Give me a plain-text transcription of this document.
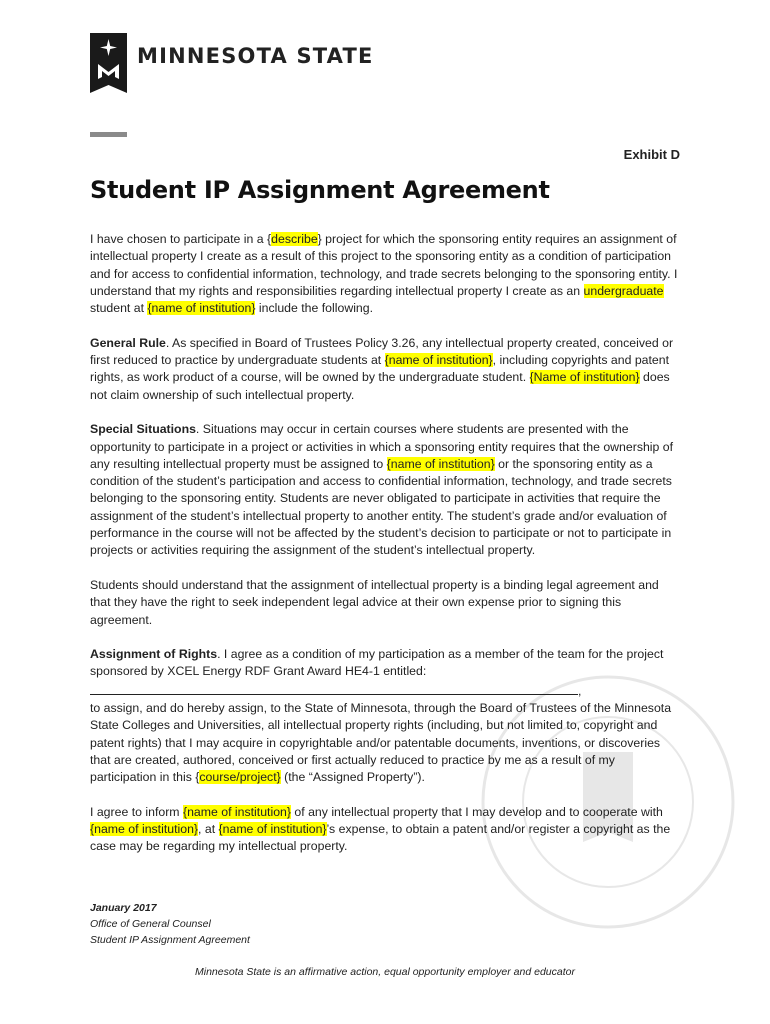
MINNESOTA STATE
Exhibit D
Student IP Assignment Agreement

I have chosen to participate in a {describe} project for which the sponsoring entity requires an assignment of intellectual property I create as a result of this project to the sponsoring entity as a condition of participation and for access to confidential information, technology, and trade secrets belonging to the sponsoring entity. I understand that my rights and responsibilities regarding intellectual property I create as an undergraduate student at {name of institution} include the following.

General Rule. As specified in Board of Trustees Policy 3.26, any intellectual property created, conceived or first reduced to practice by undergraduate students at {name of institution}, including copyrights and patent rights, as work product of a course, will be owned by the undergraduate student. {Name of institution} does not claim ownership of such intellectual property.

Special Situations. Situations may occur in certain courses where students are presented with the opportunity to participate in a project or activities in which a sponsoring entity requires that the ownership of any resulting intellectual property must be assigned to {name of institution} or the sponsoring entity as a condition of the student’s participation and access to confidential information, technology, and trade secrets belonging to the sponsoring entity. Students are never obligated to participate in activities that require the assignment of the student’s intellectual property to another entity. The student’s grade and/or evaluation of performance in the course will not be affected by the student’s decision to participate or not to participate in projects or activities requiring the assignment of the student’s intellectual property.

Students should understand that the assignment of intellectual property is a binding legal agreement and that they have the right to seek independent legal advice at their own expense prior to signing this agreement.

Assignment of Rights. I agree as a condition of my participation as a member of the team for the project sponsored by XCEL Energy RDF Grant Award HE4-1 entitled:
,
to assign, and do hereby assign, to the State of Minnesota, through the Board of Trustees of the Minnesota State Colleges and Universities, all intellectual property rights (including, but not limited to, copyright and patent rights) that I may acquire in copyrightable and/or patentable documents, inventions, or discoveries that are created, authored, conceived or first actually reduced to practice by me as a result of my participation in this {course/project} (the “Assigned Property”).

I agree to inform {name of institution} of any intellectual property that I may develop and to cooperate with {name of institution}, at {name of institution}’s expense, to obtain a patent and/or register a copyright as the case may be regarding my intellectual property.

January 2017
Office of General Counsel
Student IP Assignment Agreement
Minnesota State is an affirmative action, equal opportunity employer and educator
